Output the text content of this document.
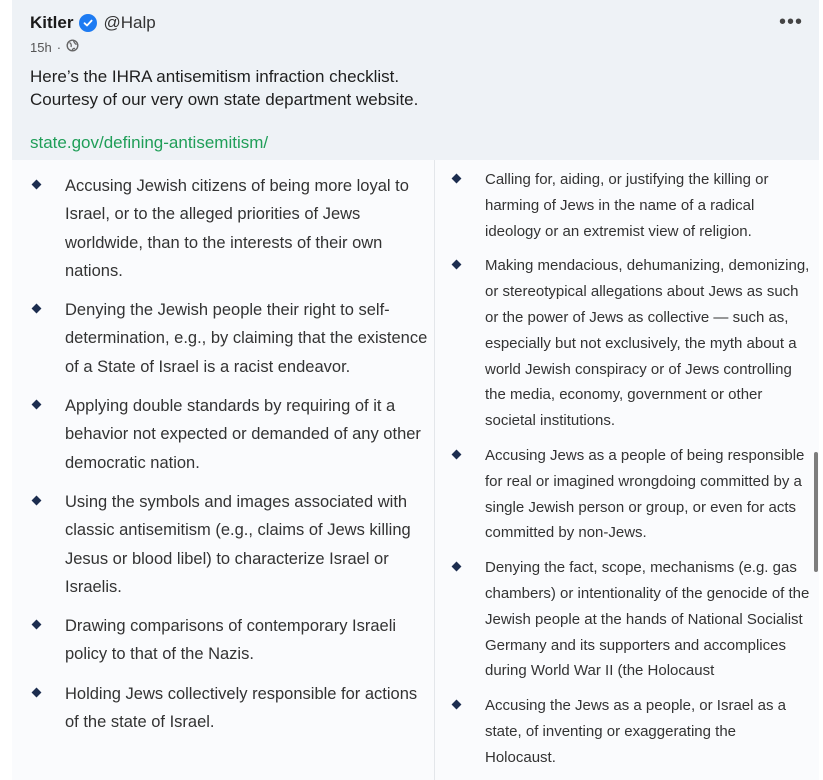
Kitler @Halp
15h ·
•••
Here’s the IHRA antisemitism infraction checklist.
Courtesy of our very own state department website.
state.gov/defining-antisemitism/
Accusing Jewish citizens of being more loyal to Israel, or to the alleged priorities of Jews worldwide, than to the interests of their own nations.
Denying the Jewish people their right to self-determination, e.g., by claiming that the existence of a State of Israel is a racist endeavor.
Applying double standards by requiring of it a behavior not expected or demanded of any other democratic nation.
Using the symbols and images associated with classic antisemitism (e.g., claims of Jews killing Jesus or blood libel) to characterize Israel or Israelis.
Drawing comparisons of contemporary Israeli policy to that of the Nazis.
Holding Jews collectively responsible for actions of the state of Israel.
Calling for, aiding, or justifying the killing or harming of Jews in the name of a radical ideology or an extremist view of religion.
Making mendacious, dehumanizing, demonizing, or stereotypical allegations about Jews as such or the power of Jews as collective — such as, especially but not exclusively, the myth about a world Jewish conspiracy or of Jews controlling the media, economy, government or other societal institutions.
Accusing Jews as a people of being responsible for real or imagined wrongdoing committed by a single Jewish person or group, or even for acts committed by non-Jews.
Denying the fact, scope, mechanisms (e.g. gas chambers) or intentionality of the genocide of the Jewish people at the hands of National Socialist Germany and its supporters and accomplices during World War II (the Holocaust
Accusing the Jews as a people, or Israel as a state, of inventing or exaggerating the Holocaust.
